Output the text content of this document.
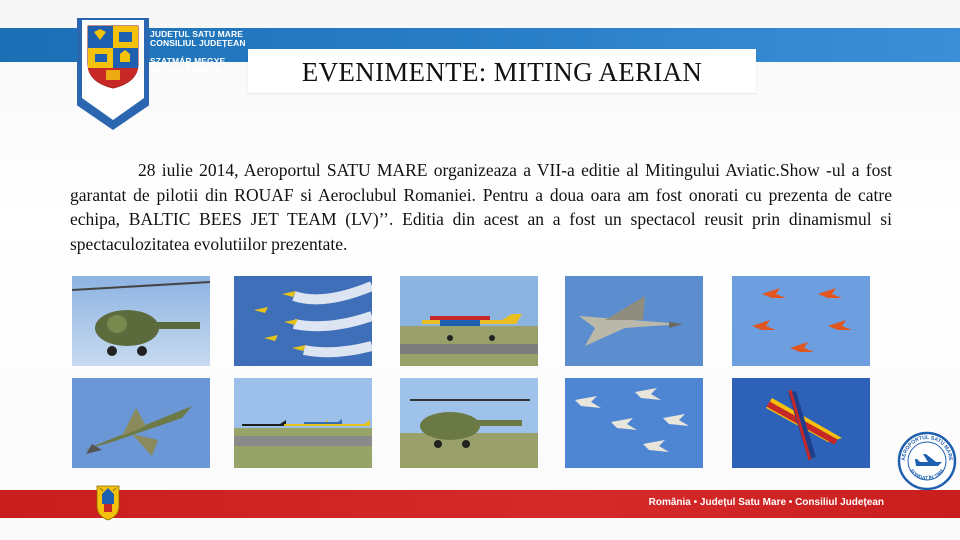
JUDEȚUL SATU MARE
CONSILIUL JUDEȚEAN
SZATMÁR MEGYE
MEGYEI TANÁCS	EVENIMENTE: MITING AERIAN
28 iulie 2014, Aeroportul SATU MARE organizeaza a VII-a editie al Mitingului Aviatic.Show -ul a fost garantat de pilotii din ROUAF si Aeroclubul Romaniei. Pentru a doua oara am fost onorati cu prezenta de catre echipa, BALTIC BEES JET TEAM (LV)’’. Editia din acest an a fost un spectacol reusit prin dinamismul si spectaculozitatea evolutiilor prezentate.
România • Județul Satu Mare • Consiliul Județean
AEROPORTUL SATU MARE
FONDAT ÎN 1968
